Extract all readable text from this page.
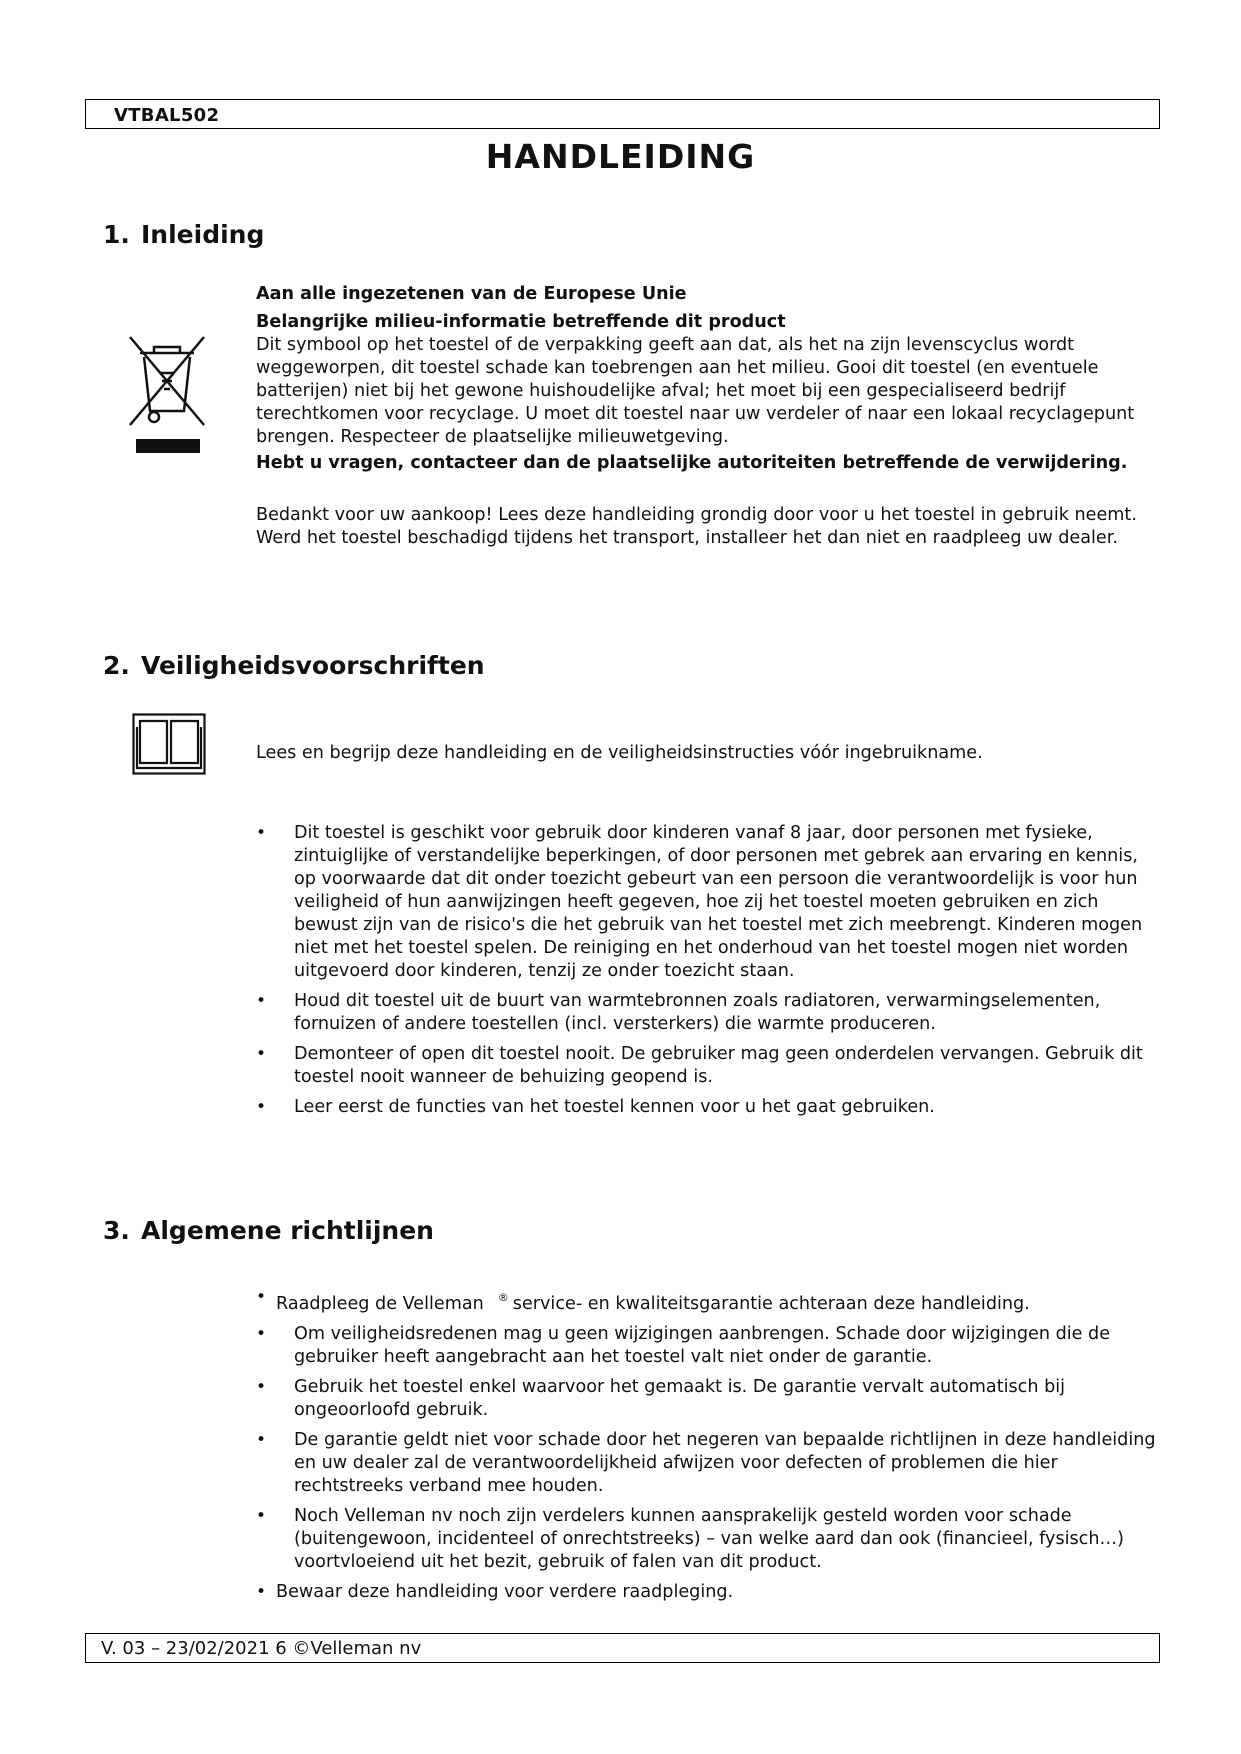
VTBAL502
HANDLEIDING
1. Inleiding

Aan alle ingezetenen van de Europese Unie

Belangrijke milieu-informatie betreffende dit product

Dit symbool op het toestel of de verpakking geeft aan dat, als het na zijn levenscyclus wordt weggeworpen, dit toestel schade kan toebrengen aan het milieu. Gooi dit toestel (en eventuele batterijen) niet bij het gewone huishoudelijke afval; het moet bij een gespecialiseerd bedrijf terechtkomen voor recyclage. U moet dit toestel naar uw verdeler of naar een lokaal recyclagepunt brengen. Respecteer de plaatselijke milieuwetgeving.

Hebt u vragen, contacteer dan de plaatselijke autoriteiten betreffende de verwijdering.

Bedankt voor uw aankoop! Lees deze handleiding grondig door voor u het toestel in gebruik neemt. Werd het toestel beschadigd tijdens het transport, installeer het dan niet en raadpleeg uw dealer.

2. Veiligheidsvoorschriften
Lees en begrijp deze handleiding en de veiligheidsinstructies vóór ingebruikname.
• Dit toestel is geschikt voor gebruik door kinderen vanaf 8 jaar, door personen met fysieke, zintuiglijke of verstandelijke beperkingen, of door personen met gebrek aan ervaring en kennis, op voorwaarde dat dit onder toezicht gebeurt van een persoon die verantwoordelijk is voor hun veiligheid of hun aanwijzingen heeft gegeven, hoe zij het toestel moeten gebruiken en zich bewust zijn van de risico's die het gebruik van het toestel met zich meebrengt. Kinderen mogen niet met het toestel spelen. De reiniging en het onderhoud van het toestel mogen niet worden uitgevoerd door kinderen, tenzij ze onder toezicht staan.
• Houd dit toestel uit de buurt van warmtebronnen zoals radiatoren, verwarmingselementen, fornuizen of andere toestellen (incl. versterkers) die warmte produceren.
• Demonteer of open dit toestel nooit. De gebruiker mag geen onderdelen vervangen. Gebruik dit toestel nooit wanneer de behuizing geopend is.
• Leer eerst de functies van het toestel kennen voor u het gaat gebruiken.
3. Algemene richtlijnen
• Raadpleeg de Velleman ® service- en kwaliteitsgarantie achteraan deze handleiding.
• Om veiligheidsredenen mag u geen wijzigingen aanbrengen. Schade door wijzigingen die de gebruiker heeft aangebracht aan het toestel valt niet onder de garantie.
• Gebruik het toestel enkel waarvoor het gemaakt is. De garantie vervalt automatisch bij ongeoorloofd gebruik.
• De garantie geldt niet voor schade door het negeren van bepaalde richtlijnen in deze handleiding en uw dealer zal de verantwoordelijkheid afwijzen voor defecten of problemen die hier rechtstreeks verband mee houden.
• Noch Velleman nv noch zijn verdelers kunnen aansprakelijk gesteld worden voor schade (buitengewoon, incidenteel of onrechtstreeks) – van welke aard dan ook (financieel, fysisch…) voortvloeiend uit het bezit, gebruik of falen van dit product.
• Bewaar deze handleiding voor verdere raadpleging.
V. 03 – 23/02/2021 6 ©Velleman nv
